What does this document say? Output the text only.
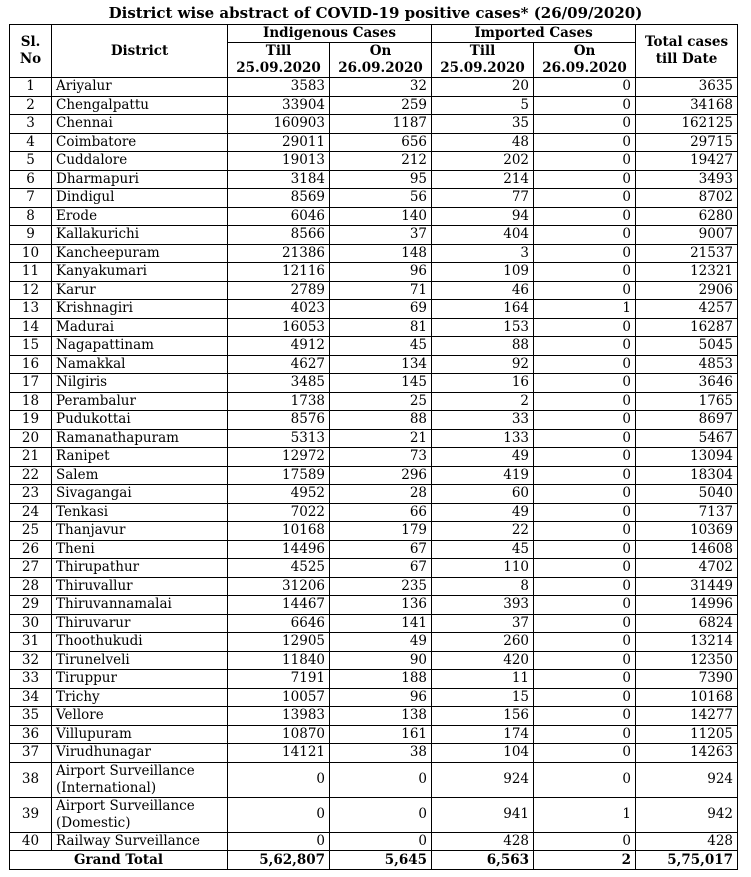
District wise abstract of COVID-19 positive cases* (26/09/2020)
Sl. No	District	Indigenous Cases		Imported Cases		Total cases till Date
		Till 25.09.2020	On 26.09.2020	Till 25.09.2020	On 26.09.2020	

1	Ariyalur	3583	32	20	0	3635
2	Chengalpattu	33904	259	5	0	34168
3	Chennai	160903	1187	35	0	162125
4	Coimbatore	29011	656	48	0	29715
5	Cuddalore	19013	212	202	0	19427
6	Dharmapuri	3184	95	214	0	3493
7	Dindigul	8569	56	77	0	8702
8	Erode	6046	140	94	0	6280
9	Kallakurichi	8566	37	404	0	9007
10	Kancheepuram	21386	148	3	0	21537
11	Kanyakumari	12116	96	109	0	12321
12	Karur	2789	71	46	0	2906
13	Krishnagiri	4023	69	164	1	4257
14	Madurai	16053	81	153	0	16287
15	Nagapattinam	4912	45	88	0	5045
16	Namakkal	4627	134	92	0	4853
17	Nilgiris	3485	145	16	0	3646
18	Perambalur	1738	25	2	0	1765
19	Pudukottai	8576	88	33	0	8697
20	Ramanathapuram	5313	21	133	0	5467
21	Ranipet	12972	73	49	0	13094
22	Salem	17589	296	419	0	18304
23	Sivagangai	4952	28	60	0	5040
24	Tenkasi	7022	66	49	0	7137
25	Thanjavur	10168	179	22	0	10369
26	Theni	14496	67	45	0	14608
27	Thirupathur	4525	67	110	0	4702
28	Thiruvallur	31206	235	8	0	31449
29	Thiruvannamalai	14467	136	393	0	14996
30	Thiruvarur	6646	141	37	0	6824
31	Thoothukudi	12905	49	260	0	13214
32	Tirunelveli	11840	90	420	0	12350
33	Tiruppur	7191	188	11	0	7390
34	Trichy	10057	96	15	0	10168
35	Vellore	13983	138	156	0	14277
36	Villupuram	10870	161	174	0	11205
37	Virudhunagar	14121	38	104	0	14263
38	Airport Surveillance (International)	0	0	924	0	924
39	Airport Surveillance (Domestic)	0	0	941	1	942
40	Railway Surveillance	0	0	428	0	428
Grand Total		5,62,807	5,645	6,563	2	5,75,017
